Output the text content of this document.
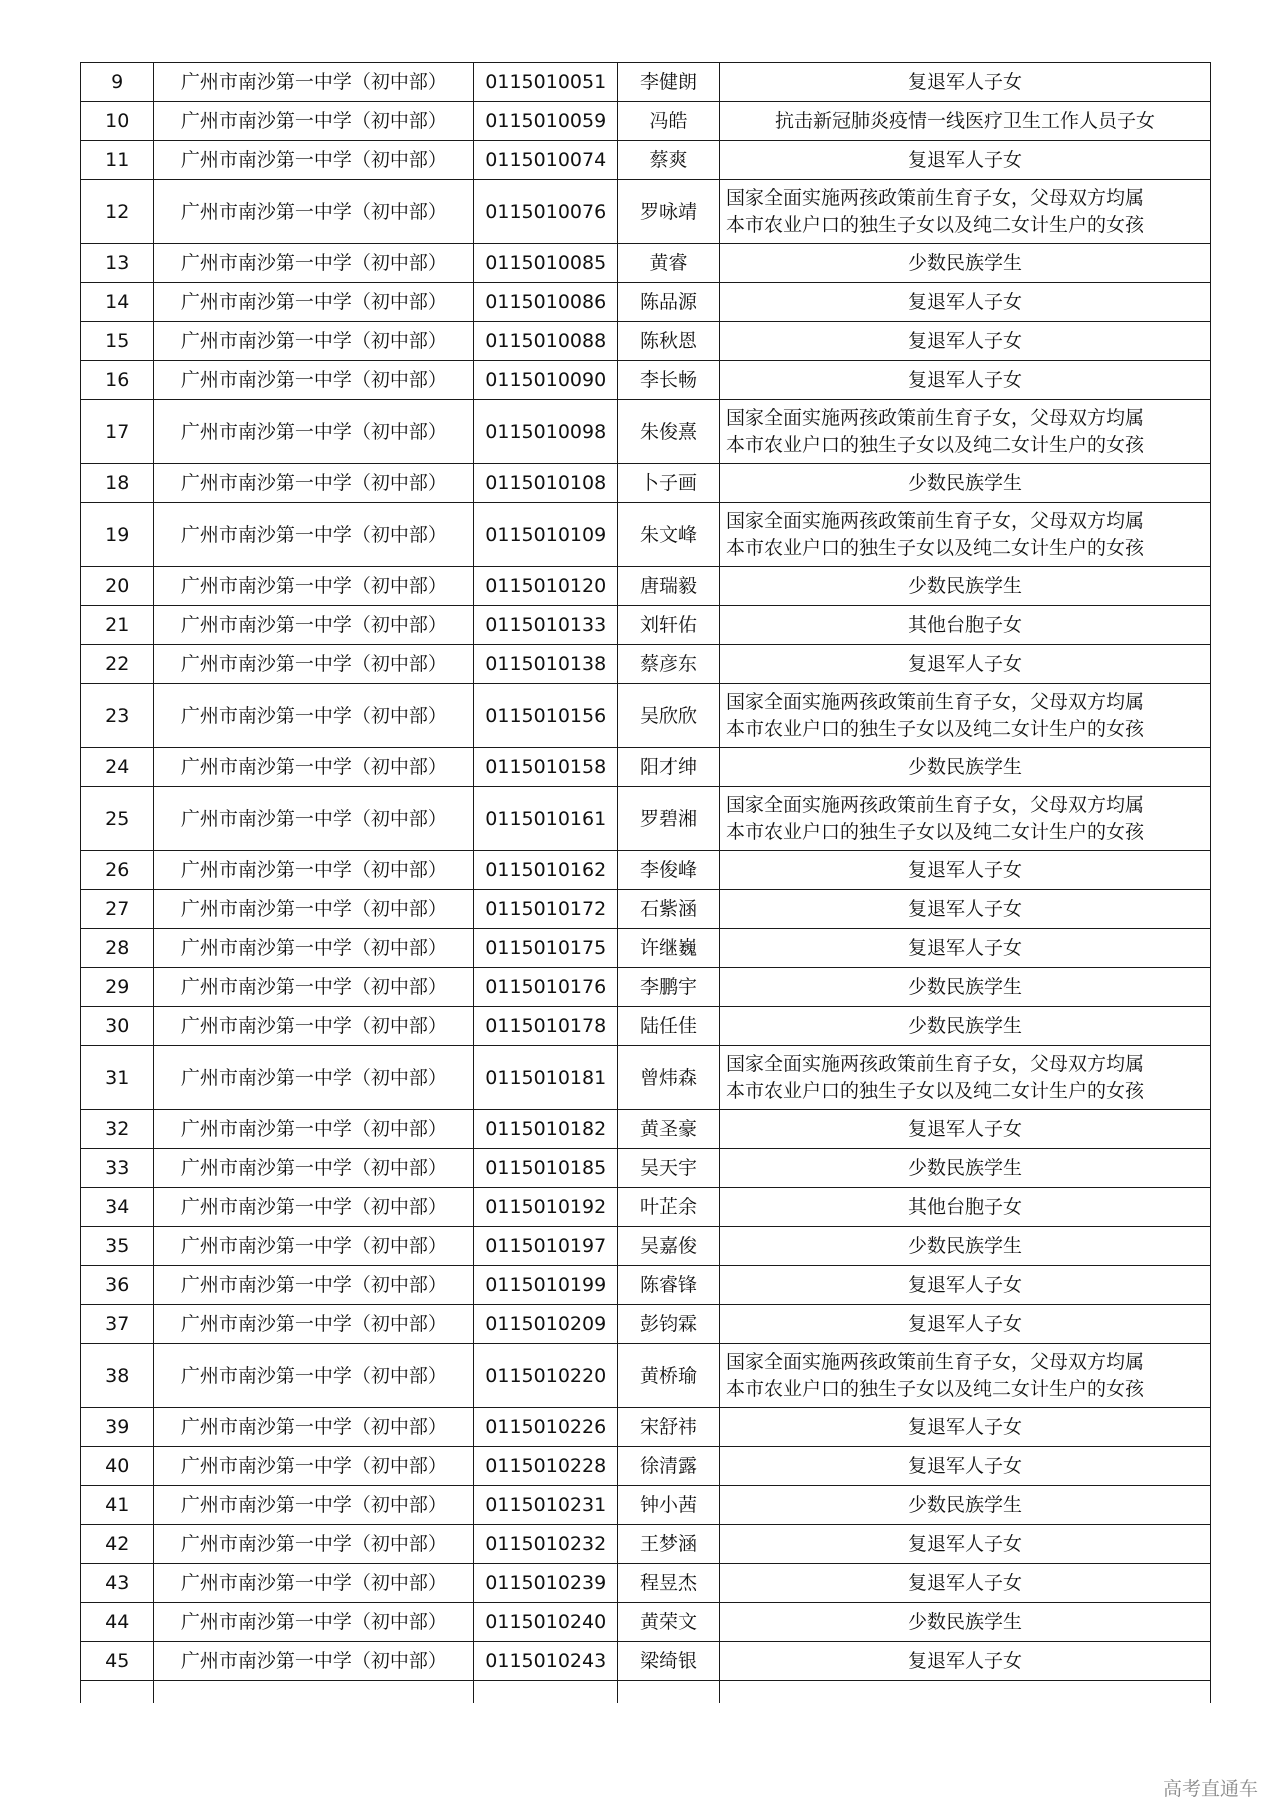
9	广州市南沙第一中学（初中部）	0115010051	李健朗	复退军人子女
10	广州市南沙第一中学（初中部）	0115010059	冯皓	抗击新冠肺炎疫情一线医疗卫生工作人员子女
11	广州市南沙第一中学（初中部）	0115010074	蔡爽	复退军人子女
12	广州市南沙第一中学（初中部）	0115010076	罗咏靖	国家全面实施两孩政策前生育子女，父母双方均属
本市农业户口的独生子女以及纯二女计生户的女孩

13	广州市南沙第一中学（初中部）	0115010085	黄睿	少数民族学生
14	广州市南沙第一中学（初中部）	0115010086	陈品源	复退军人子女
15	广州市南沙第一中学（初中部）	0115010088	陈秋恩	复退军人子女
16	广州市南沙第一中学（初中部）	0115010090	李长畅	复退军人子女
17	广州市南沙第一中学（初中部）	0115010098	朱俊熹	国家全面实施两孩政策前生育子女，父母双方均属
本市农业户口的独生子女以及纯二女计生户的女孩

18	广州市南沙第一中学（初中部）	0115010108	卜子画	少数民族学生
19	广州市南沙第一中学（初中部）	0115010109	朱文峰	国家全面实施两孩政策前生育子女，父母双方均属
本市农业户口的独生子女以及纯二女计生户的女孩

20	广州市南沙第一中学（初中部）	0115010120	唐瑞毅	少数民族学生
21	广州市南沙第一中学（初中部）	0115010133	刘轩佑	其他台胞子女
22	广州市南沙第一中学（初中部）	0115010138	蔡彦东	复退军人子女
23	广州市南沙第一中学（初中部）	0115010156	吴欣欣	国家全面实施两孩政策前生育子女，父母双方均属
本市农业户口的独生子女以及纯二女计生户的女孩

24	广州市南沙第一中学（初中部）	0115010158	阳才绅	少数民族学生
25	广州市南沙第一中学（初中部）	0115010161	罗碧湘	国家全面实施两孩政策前生育子女，父母双方均属
本市农业户口的独生子女以及纯二女计生户的女孩

26	广州市南沙第一中学（初中部）	0115010162	李俊峰	复退军人子女
27	广州市南沙第一中学（初中部）	0115010172	石紫涵	复退军人子女
28	广州市南沙第一中学（初中部）	0115010175	许继巍	复退军人子女
29	广州市南沙第一中学（初中部）	0115010176	李鹏宇	少数民族学生
30	广州市南沙第一中学（初中部）	0115010178	陆任佳	少数民族学生
31	广州市南沙第一中学（初中部）	0115010181	曾炜森	国家全面实施两孩政策前生育子女，父母双方均属
本市农业户口的独生子女以及纯二女计生户的女孩

32	广州市南沙第一中学（初中部）	0115010182	黄圣豪	复退军人子女
33	广州市南沙第一中学（初中部）	0115010185	吴天宇	少数民族学生
34	广州市南沙第一中学（初中部）	0115010192	叶芷余	其他台胞子女
35	广州市南沙第一中学（初中部）	0115010197	吴嘉俊	少数民族学生
36	广州市南沙第一中学（初中部）	0115010199	陈睿锋	复退军人子女
37	广州市南沙第一中学（初中部）	0115010209	彭钧霖	复退军人子女
38	广州市南沙第一中学（初中部）	0115010220	黄桥瑜	国家全面实施两孩政策前生育子女，父母双方均属
本市农业户口的独生子女以及纯二女计生户的女孩

39	广州市南沙第一中学（初中部）	0115010226	宋舒祎	复退军人子女
40	广州市南沙第一中学（初中部）	0115010228	徐清露	复退军人子女
41	广州市南沙第一中学（初中部）	0115010231	钟小茜	少数民族学生
42	广州市南沙第一中学（初中部）	0115010232	王梦涵	复退军人子女
43	广州市南沙第一中学（初中部）	0115010239	程昱杰	复退军人子女
44	广州市南沙第一中学（初中部）	0115010240	黄荣文	少数民族学生
45	广州市南沙第一中学（初中部）	0115010243	梁绮银	复退军人子女

高考直通车
